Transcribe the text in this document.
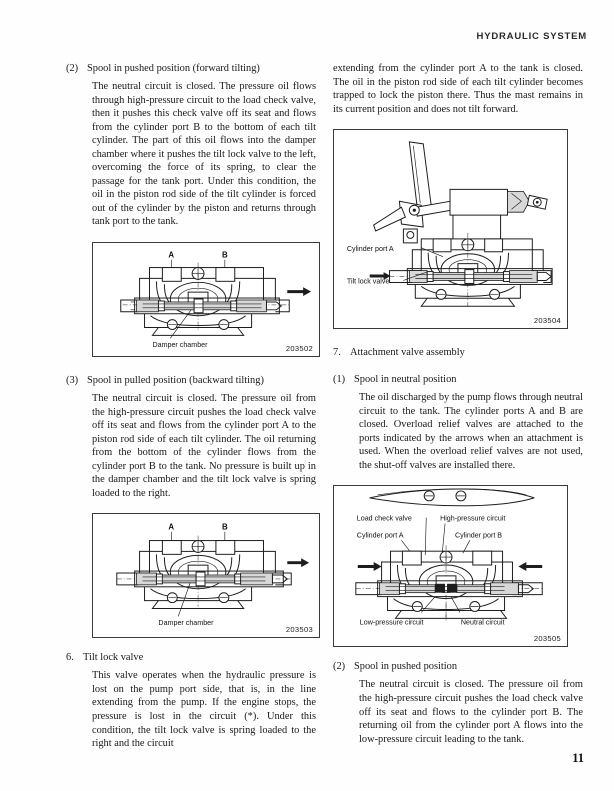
HYDRAULIC SYSTEM
(2) Spool in pushed position (forward tilting)

The neutral circuit is closed. The pressure oil flows through high-pressure circuit to the load check valve, then it pushes this check valve off its seat and flows from the cylinder port B to the bottom of each tilt cylinder. The part of this oil flows into the damper chamber where it pushes the tilt lock valve to the left, overcoming the force of its spring, to clear the passage for the tank port. Under this condition, the oil in the piston rod side of the tilt cylinder is forced out of the cylinder by the piston and returns through tank port to the tank.

A	B
Damper chamber	203502
(3) Spool in pulled position (backward tilting)

The neutral circuit is closed. The pressure oil from the high-pressure circuit pushes the load check valve off its seat and flows from the cylinder port A to the piston rod side of each tilt cylinder. The oil returning from the bottom of the cylinder flows from the cylinder port B to the tank. No pressure is built up in the damper chamber and the tilt lock valve is spring loaded to the right.

A	B
Damper chamber
203503
6. Tilt lock valve

This valve operates when the hydraulic pressure is lost on the pump port side, that is, in the line extending from the pump. If the engine stops, the pressure is lost in the circuit (*). Under this condition, the tilt lock valve is spring loaded to the right and the circuit

extending from the cylinder port A to the tank is closed. The oil in the piston rod side of each tilt cylinder becomes trapped to lock the piston there. Thus the mast remains in its current position and does not tilt forward.

Cylinder port A
Tilt lock valve
203504
7. Attachment valve assembly
(1) Spool in neutral position

The oil discharged by the pump flows through neutral circuit to the tank. The cylinder ports A and B are closed. Overload relief valves are attached to the ports indicated by the arrows when an attachment is used. When the overload relief valves are not used, the shut-off valves are installed there.

Load check valve	High-pressure circuit
Cylinder port A	Cylinder port B
Low-pressure circuit	Neutral circuit
203505
(2) Spool in pushed position

The neutral circuit is closed. The pressure oil from the high-pressure circuit pushes the load check valve off its seat and flows to the cylinder port B. The returning oil from the cylinder port A flows into the low-pressure circuit leading to the tank.

11
